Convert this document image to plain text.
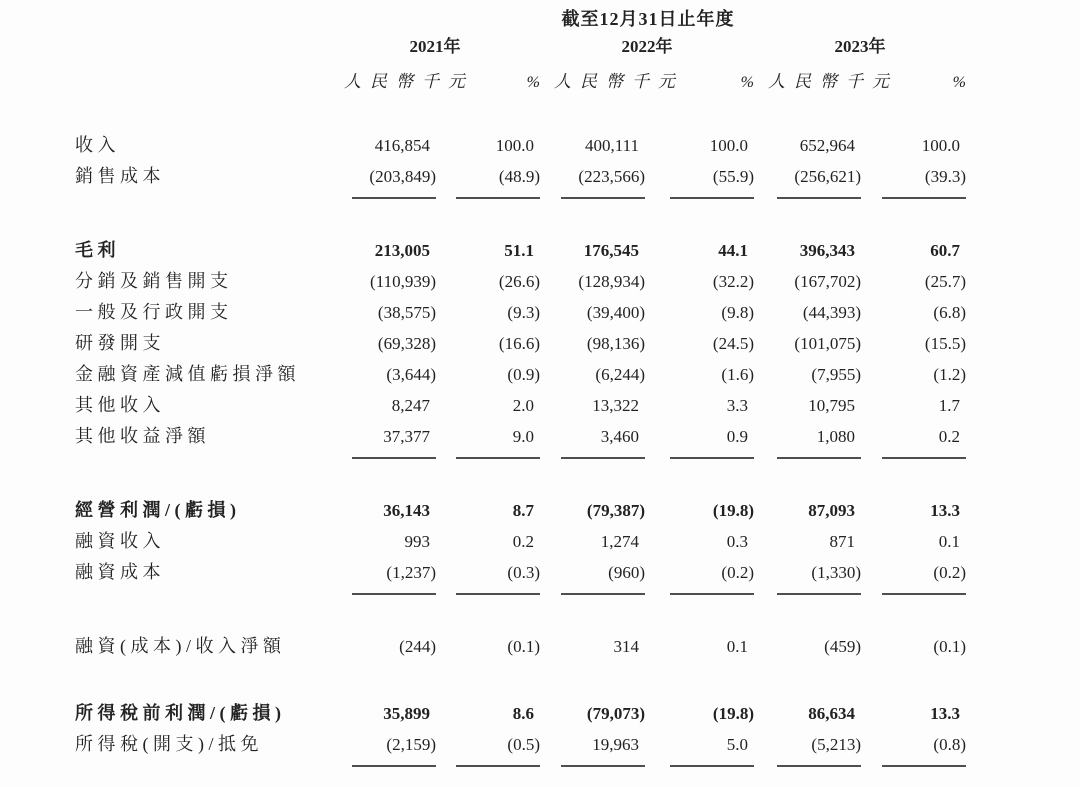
截至12月31日止年度
2021年	2022年	2023年
人民幣千元	% 人民幣千元	% 人民幣千元	%
收入	416,854	100.0	400,111	100.0	652,964	100.0
銷售成本	(203,849)	(48.9)	(223,566)	(55.9)	(256,621)	(39.3)
毛利	213,005	51.1	176,545	44.1	396,343	60.7
分銷及銷售開支	(110,939)	(26.6)	(128,934)	(32.2)	(167,702)	(25.7)
一般及行政開支	(38,575)	(9.3)	(39,400)	(9.8)	(44,393)	(6.8)
研發開支	(69,328)	(16.6)	(98,136)	(24.5)	(101,075)	(15.5)
金融資產減值虧損淨額	(3,644)	(0.9)	(6,244)	(1.6)	(7,955)	(1.2)
其他收入	8,247	2.0	13,322	3.3	10,795	1.7
其他收益淨額	37,377	9.0	3,460	0.9	1,080	0.2
經營利潤/(虧損)	36,143	8.7	(79,387)	(19.8)	87,093	13.3
融資收入	993	0.2	1,274	0.3	871	0.1
融資成本	(1,237)	(0.3)	(960)	(0.2)	(1,330)	(0.2)
融資(成本)/收入淨額	(244)	(0.1)	314	0.1	(459)	(0.1)
所得稅前利潤/(虧損)	35,899	8.6	(79,073)	(19.8)	86,634	13.3
所得稅(開支)/抵免	(2,159)	(0.5)	19,963	5.0	(5,213)	(0.8)
